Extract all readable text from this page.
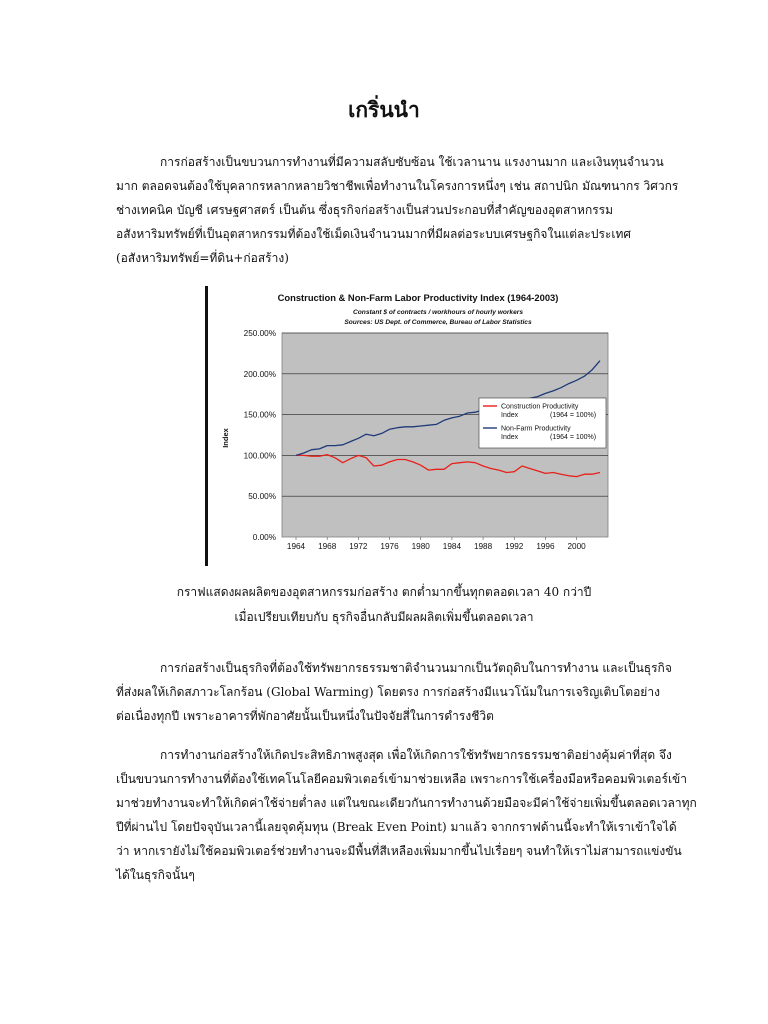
เกริ่นนำ
การก่อสร้างเป็นขบวนการทำงานที่มีความสลับซับซ้อน ใช้เวลานาน แรงงานมาก และเงินทุนจำนวน
มาก ตลอดจนต้องใช้บุคลากรหลากหลายวิชาชีพเพื่อทำงานในโครงการหนึ่งๆ เช่น สถาปนิก มัณฑนากร วิศวกร
ช่างเทคนิค บัญชี เศรษฐศาสตร์ เป็นต้น ซึ่งธุรกิจก่อสร้างเป็นส่วนประกอบที่สำคัญของอุตสาหกรรม
อสังหาริมทรัพย์ที่เป็นอุตสาหกรรมที่ต้องใช้เม็ดเงินจำนวนมากที่มีผลต่อระบบเศรษฐกิจในแต่ละประเทศ
(อสังหาริมทรัพย์=ที่ดิน+ก่อสร้าง)
Construction & Non-Farm Labor Productivity Index (1964-2003)
Constant $ of contracts / workhours of hourly workers
Sources: US Dept. of Commerce, Bureau of Labor Statistics
Index
0.00%
50.00%
100.00%
150.00%
200.00%
250.00%
1964 1968 1972 1976 1980 1984 1988 1992 1996 2000
Construction Productivity
Index	(1964 = 100%)
Non-Farm Productivity
Index	(1964 = 100%)
กราฟแสดงผลผลิตของอุตสาหกรรมก่อสร้าง ตกต่ำมากขึ้นทุกตลอดเวลา 40 กว่าปี
เมื่อเปรียบเทียบกับ ธุรกิจอื่นกลับมีผลผลิตเพิ่มขึ้นตลอดเวลา
การก่อสร้างเป็นธุรกิจที่ต้องใช้ทรัพยากรธรรมชาติจำนวนมากเป็นวัตถุดิบในการทำงาน และเป็นธุรกิจ
ที่ส่งผลให้เกิดสภาวะโลกร้อน (Global Warming) โดยตรง การก่อสร้างมีแนวโน้มในการเจริญเติบโตอย่าง
ต่อเนื่องทุกปี เพราะอาคารที่พักอาศัยนั้นเป็นหนึ่งในปัจจัยสี่ในการดำรงชีวิต
การทำงานก่อสร้างให้เกิดประสิทธิภาพสูงสุด เพื่อให้เกิดการใช้ทรัพยากรธรรมชาติอย่างคุ้มค่าที่สุด จึง
เป็นขบวนการทำงานที่ต้องใช้เทคโนโลยีคอมพิวเตอร์เข้ามาช่วยเหลือ เพราะการใช้เครื่องมือหรือคอมพิวเตอร์เข้า
มาช่วยทำงานจะทำให้เกิดค่าใช้จ่ายต่ำลง แต่ในขณะเดียวกันการทำงานด้วยมือจะมีค่าใช้จ่ายเพิ่มขึ้นตลอดเวลาทุก
ปีที่ผ่านไป โดยปัจจุบันเวลานี้เลยจุดคุ้มทุน (Break Even Point) มาแล้ว จากกราฟด้านนี้จะทำให้เราเข้าใจได้
ว่า หากเรายังไม่ใช้คอมพิวเตอร์ช่วยทำงานจะมีพื้นที่สีเหลืองเพิ่มมากขึ้นไปเรื่อยๆ จนทำให้เราไม่สามารถแข่งขัน
ได้ในธุรกิจนั้นๆ
